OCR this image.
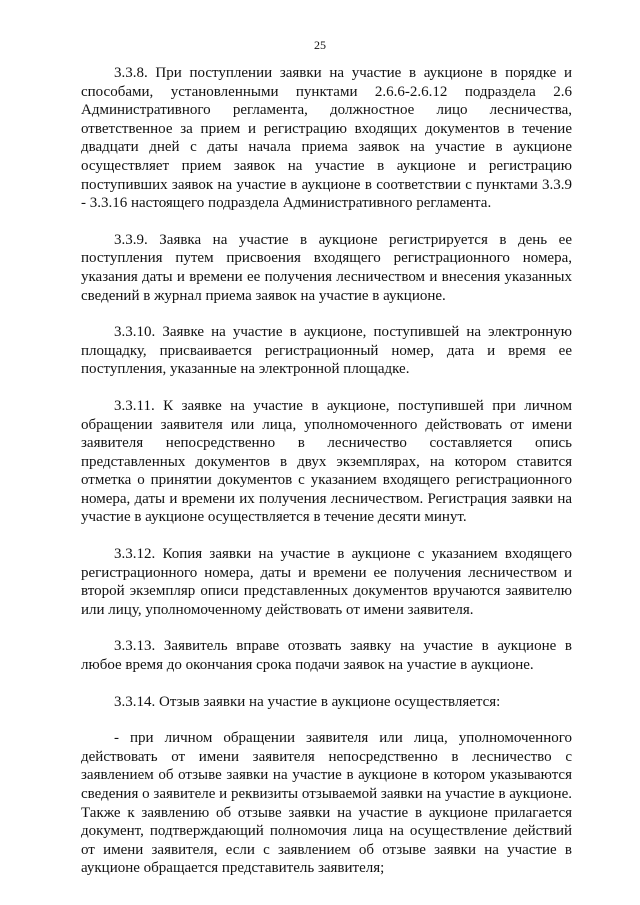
25

3.3.8. При поступлении заявки на участие в аукционе в порядке и способами, установленными пунктами 2.6.6-2.6.12 подраздела 2.6 Административного регламента, должностное лицо лесничества, ответственное за прием и регистрацию входящих документов в течение двадцати дней с даты начала приема заявок на участие в аукционе осуществляет прием заявок на участие в аукционе и регистрацию поступивших заявок на участие в аукционе в соответствии с пунктами 3.3.9 - 3.3.16 настоящего подраздела Административного регламента.

3.3.9. Заявка на участие в аукционе регистрируется в день ее поступления путем присвоения входящего регистрационного номера, указания даты и времени ее получения лесничеством и внесения указанных сведений в журнал приема заявок на участие в аукционе.

3.3.10. Заявке на участие в аукционе, поступившей на электронную площадку, присваивается регистрационный номер, дата и время ее поступления, указанные на электронной площадке.

3.3.11. К заявке на участие в аукционе, поступившей при личном обращении заявителя или лица, уполномоченного действовать от имени заявителя непосредственно в лесничество составляется опись представленных документов в двух экземплярах, на котором ставится отметка о принятии документов с указанием входящего регистрационного номера, даты и времени их получения лесничеством. Регистрация заявки на участие в аукционе осуществляется в течение десяти минут.

3.3.12. Копия заявки на участие в аукционе с указанием входящего регистрационного номера, даты и времени ее получения лесничеством и второй экземпляр описи представленных документов вручаются заявителю или лицу, уполномоченному действовать от имени заявителя.

3.3.13. Заявитель вправе отозвать заявку на участие в аукционе в любое время до окончания срока подачи заявок на участие в аукционе.

3.3.14. Отзыв заявки на участие в аукционе осуществляется:

- при личном обращении заявителя или лица, уполномоченного действовать от имени заявителя непосредственно в лесничество с заявлением об отзыве заявки на участие в аукционе в котором указываются сведения о заявителе и реквизиты отзываемой заявки на участие в аукционе. Также к заявлению об отзыве заявки на участие в аукционе прилагается документ, подтверждающий полномочия лица на осуществление действий от имени заявителя, если с заявлением об отзыве заявки на участие в аукционе обращается представитель заявителя;
